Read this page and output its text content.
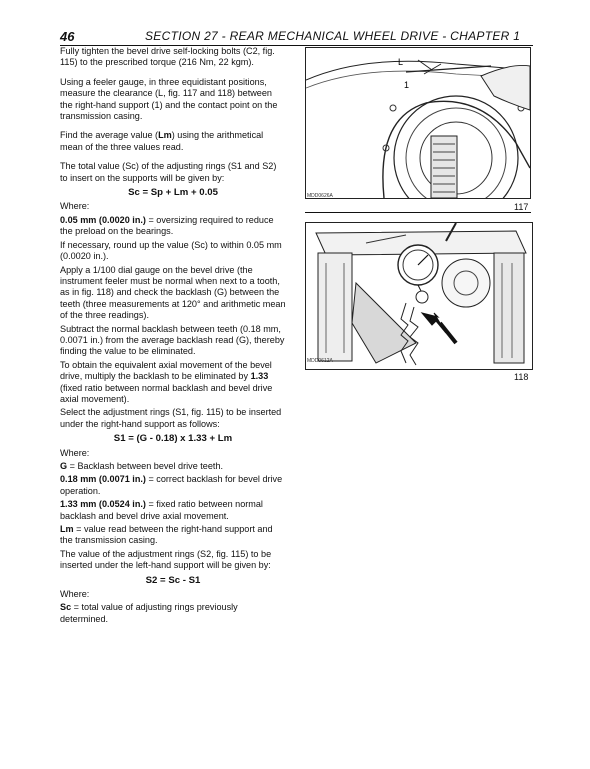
46	SECTION 27 - REAR MECHANICAL WHEEL DRIVE - CHAPTER 1

Fully tighten the bevel drive self-locking bolts (C2, fig. 115) to the prescribed torque (216 Nm, 22 kgm).

Using a feeler gauge, in three equidistant positions, measure the clearance (L, fig. 117 and 118) between the right-hand support (1) and the contact point on the transmission casing.

Find the average value (Lm) using the arithmetical mean of the three values read.

The total value (Sc) of the adjusting rings (S1 and S2) to insert on the supports will be given by:

Sc = Sp + Lm + 0.05

Where:

0.05 mm (0.0020 in.) = oversizing required to reduce the preload on the bearings.

If necessary, round up the value (Sc) to within 0.05 mm (0.0020 in.).

Apply a 1/100 dial gauge on the bevel drive (the instrument feeler must be normal when next to a tooth, as in fig. 118) and check the backlash (G) between the teeth (three measurements at 120° and arithmetic mean of the three readings).

Subtract the normal backlash between teeth (0.18 mm, 0.0071 in.) from the average backlash read (G), thereby finding the value to be eliminated.

To obtain the equivalent axial movement of the bevel drive, multiply the backlash to be eliminated by 1.33 (fixed ratio between normal backlash and bevel drive axial movement).

Select the adjustment rings (S1, fig. 115) to be inserted under the right-hand support as follows:

S1 = (G - 0.18) x 1.33 + Lm

Where:

G = Backlash between bevel drive teeth.

0.18 mm (0.0071 in.) = correct backlash for bevel drive operation.

1.33 mm (0.0524 in.) = fixed ratio between normal backlash and bevel drive axial movement.

Lm = value read between the right-hand support and the transmission casing.

The value of the adjustment rings (S2, fig. 115) to be inserted under the left-hand support will be given by:

S2 = Sc - S1

Where:

Sc = total value of adjusting rings previously determined.

L
1
MDD0626A
117
MDD0612A
118
